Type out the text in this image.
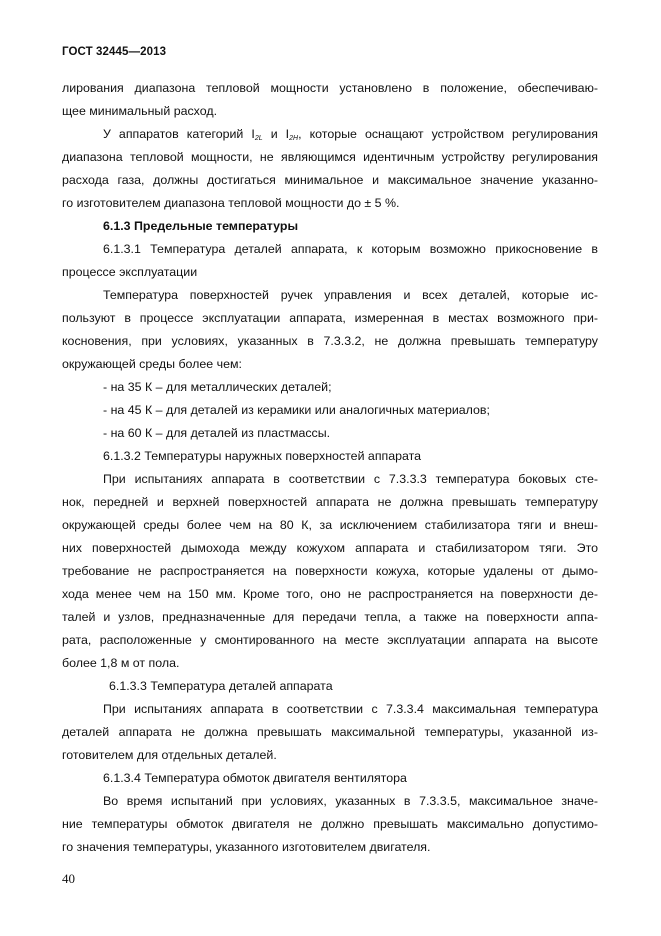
ГОСТ 32445—2013
лирования диапазона тепловой мощности установлено в положение, обеспечиваю-
щее минимальный расход.
У аппаратов категорий $I_{2L}$ и $I_{2H}$, которые оснащают устройством регулирования
диапазона тепловой мощности, не являющимся идентичным устройству регулирования
расхода газа, должны достигаться минимальное и максимальное значение указанно-
го изготовителем диапазона тепловой мощности до ± 5 %.
6.1.3 Предельные температуры
6.1.3.1 Температура деталей аппарата, к которым возможно прикосновение в
процессе эксплуатации
Температура поверхностей ручек управления и всех деталей, которые ис-
пользуют в процессе эксплуатации аппарата, измеренная в местах возможного при-
косновения, при условиях, указанных в 7.3.3.2, не должна превышать температуру
окружающей среды более чем:
- на 35 К – для металлических деталей;
- на 45 К – для деталей из керамики или аналогичных материалов;
- на 60 К – для деталей из пластмассы.
6.1.3.2 Температуры наружных поверхностей аппарата
При испытаниях аппарата в соответствии с 7.3.3.3 температура боковых сте-
нок, передней и верхней поверхностей аппарата не должна превышать температуру
окружающей среды более чем на 80 К, за исключением стабилизатора тяги и внеш-
них поверхностей дымохода между кожухом аппарата и стабилизатором тяги. Это
требование не распространяется на поверхности кожуха, которые удалены от дымо-
хода менее чем на 150 мм. Кроме того, оно не распространяется на поверхности де-
талей и узлов, предназначенные для передачи тепла, а также на поверхности аппа-
рата, расположенные у смонтированного на месте эксплуатации аппарата на высоте
более 1,8 м от пола.
6.1.3.3 Температура деталей аппарата
При испытаниях аппарата в соответствии с 7.3.3.4 максимальная температура
деталей аппарата не должна превышать максимальной температуры, указанной из-
готовителем для отдельных деталей.
6.1.3.4 Температура обмоток двигателя вентилятора
Во время испытаний при условиях, указанных в 7.3.3.5, максимальное значе-
ние температуры обмоток двигателя не должно превышать максимально допустимо-
го значения температуры, указанного изготовителем двигателя.
40
